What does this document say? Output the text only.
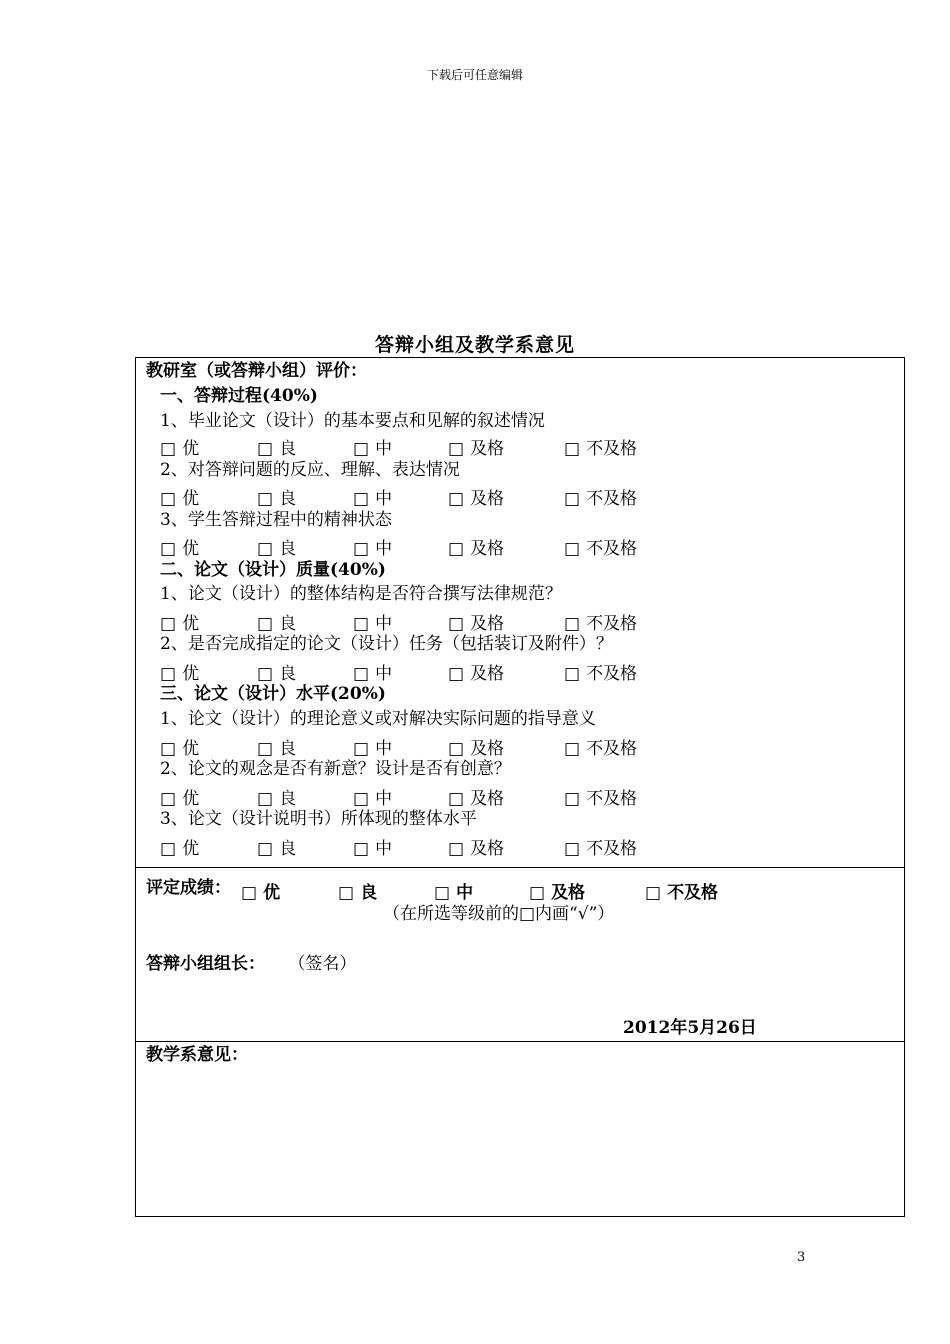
下载后可任意编辑
答辩小组及教学系意见
教研室（或答辩小组）评价：
一、答辩过程(40%)
1、毕业论文（设计）的基本要点和见解的叙述情况
□ 优	□ 良	□ 中	□ 及格	□ 不及格
2、对答辩问题的反应、理解、表达情况
□ 优	□ 良	□ 中	□ 及格	□ 不及格
3、学生答辩过程中的精神状态
□ 优	□ 良	□ 中	□ 及格	□ 不及格
二、论文（设计）质量(40%)
1、论文（设计）的整体结构是否符合撰写法律规范？
□ 优	□ 良	□ 中	□ 及格	□ 不及格
2、是否完成指定的论文（设计）任务（包括装订及附件）？
□ 优	□ 良	□ 中	□ 及格	□ 不及格
三、论文（设计）水平(20%)
1、论文（设计）的理论意义或对解决实际问题的指导意义
□ 优	□ 良	□ 中	□ 及格	□ 不及格
2、论文的观念是否有新意？设计是否有创意？
□ 优	□ 良	□ 中	□ 及格	□ 不及格
3、论文（设计说明书）所体现的整体水平
□ 优	□ 良	□ 中	□ 及格	□ 不及格
评定成绩： □ 优	□ 良	□ 中	□ 及格	□ 不及格
（在所选等级前的□内画“√”）
答辩小组组长： （签名）
2012年5月26日
教学系意见：
3
